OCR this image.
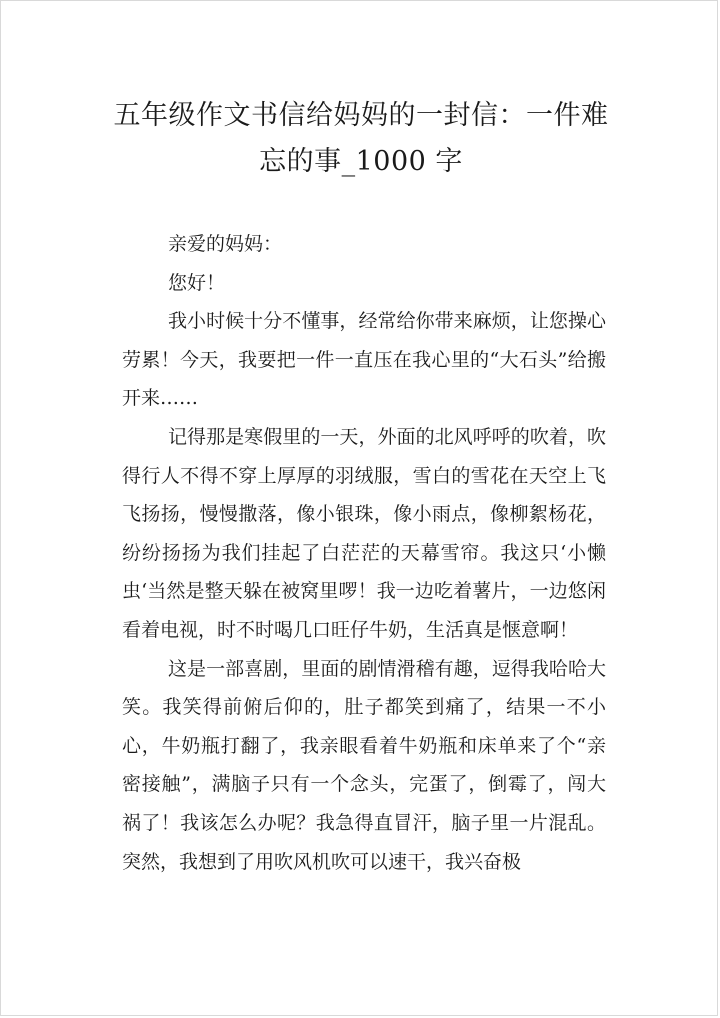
五年级作文书信给妈妈的一封信：一件难
忘的事_1000 字

亲爱的妈妈：

您好！

我小时候十分不懂事，经常给你带来麻烦，让您操心劳累！今天，我要把一件一直压在我心里的“大石头”给搬开来……

记得那是寒假里的一天，外面的北风呼呼的吹着，吹得行人不得不穿上厚厚的羽绒服，雪白的雪花在天空上飞飞扬扬，慢慢撒落，像小银珠，像小雨点，像柳絮杨花，纷纷扬扬为我们挂起了白茫茫的天幕雪帘。我这只‘小懒虫‘当然是整天躲在被窝里啰！我一边吃着薯片，一边悠闲看着电视，时不时喝几口旺仔牛奶，生活真是惬意啊！

这是一部喜剧，里面的剧情滑稽有趣，逗得我哈哈大笑。我笑得前俯后仰的，肚子都笑到痛了，结果一不小心，牛奶瓶打翻了，我亲眼看着牛奶瓶和床单来了个“亲密接触”，满脑子只有一个念头，完蛋了，倒霉了，闯大祸了！我该怎么办呢？我急得直冒汗，脑子里一片混乱。突然，我想到了用吹风机吹可以速干，我兴奋极
